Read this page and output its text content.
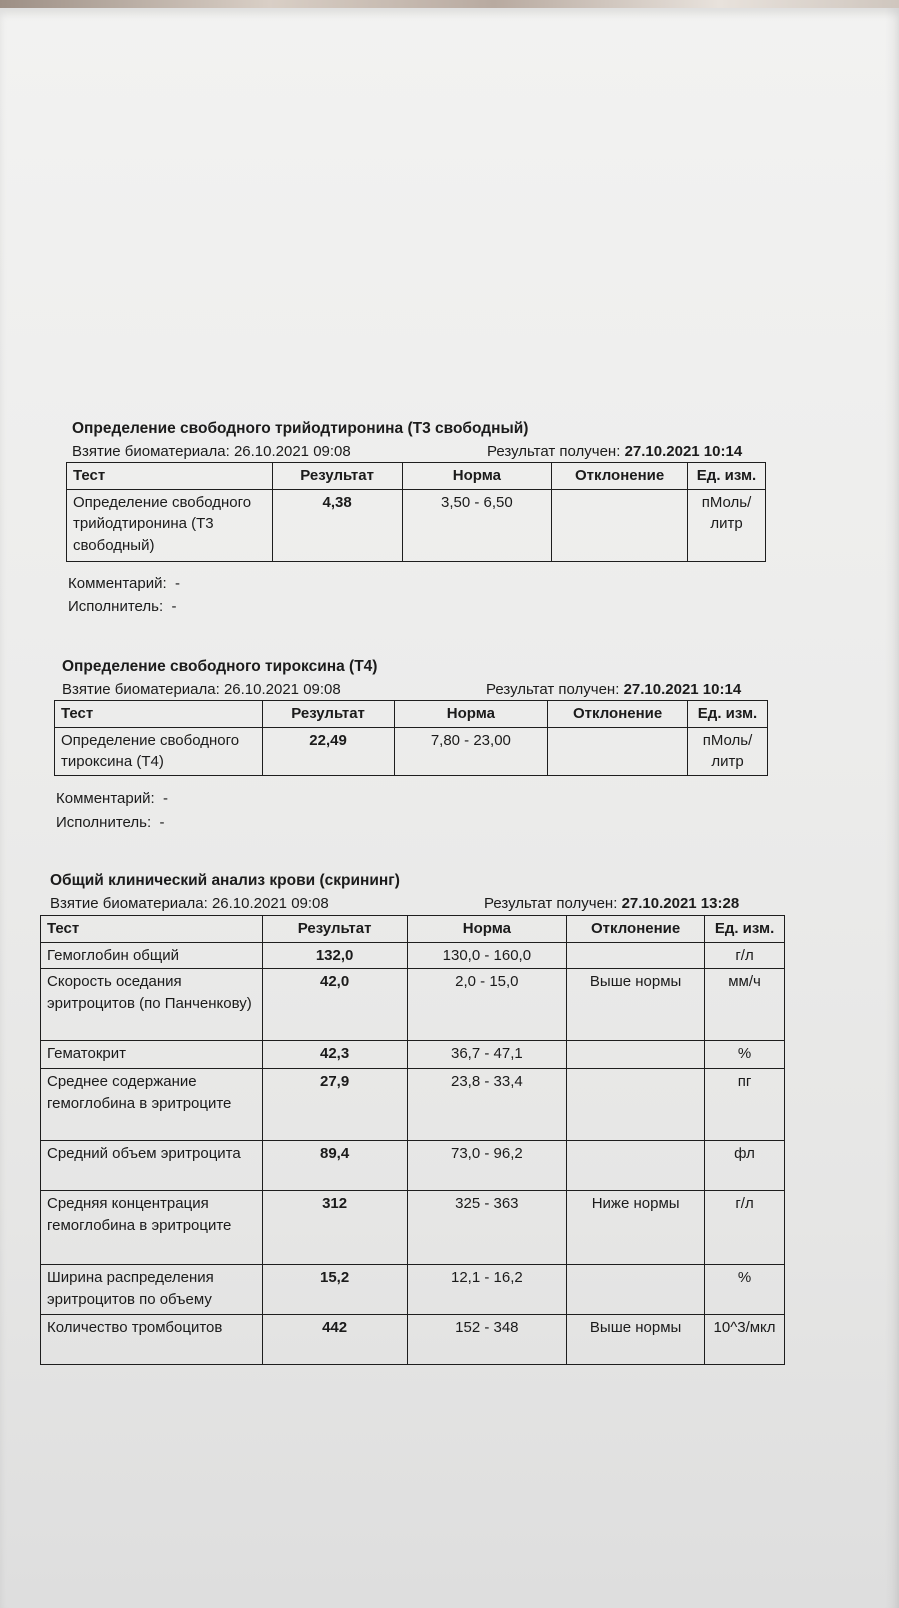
Определение свободного трийодтиронина (Т3 свободный)
Взятие биоматериала: 26.10.2021 09:08	Результат получен: 27.10.2021 10:14
Тест	Результат	Норма	Отклонение	Ед. изм.
Определение свободного трийодтиронина (Т3 свободный)	4,38	3,50 - 6,50		пМоль/литр
Комментарий: -
Исполнитель: -
Определение свободного тироксина (Т4)
Взятие биоматериала: 26.10.2021 09:08	Результат получен: 27.10.2021 10:14
Тест	Результат	Норма	Отклонение	Ед. изм.
Определение свободного тироксина (Т4)	22,49	7,80 - 23,00		пМоль/литр
Комментарий: -
Исполнитель: -
Общий клинический анализ крови (скрининг)
Взятие биоматериала: 26.10.2021 09:08	Результат получен: 27.10.2021 13:28
Тест	Результат	Норма	Отклонение	Ед. изм.
Гемоглобин общий	132,0	130,0 - 160,0		г/л
Скорость оседания эритроцитов (по Панченкову)	42,0	2,0 - 15,0	Выше нормы	мм/ч
Гематокрит	42,3	36,7 - 47,1		%
Среднее содержание гемоглобина в эритроците	27,9	23,8 - 33,4		пг
Средний объем эритроцита	89,4	73,0 - 96,2		фл
Средняя концентрация гемоглобина в эритроците	312	325 - 363	Ниже нормы	г/л
Ширина распределения эритроцитов по объему	15,2	12,1 - 16,2		%
Количество тромбоцитов	442	152 - 348	Выше нормы	10^3/мкл
